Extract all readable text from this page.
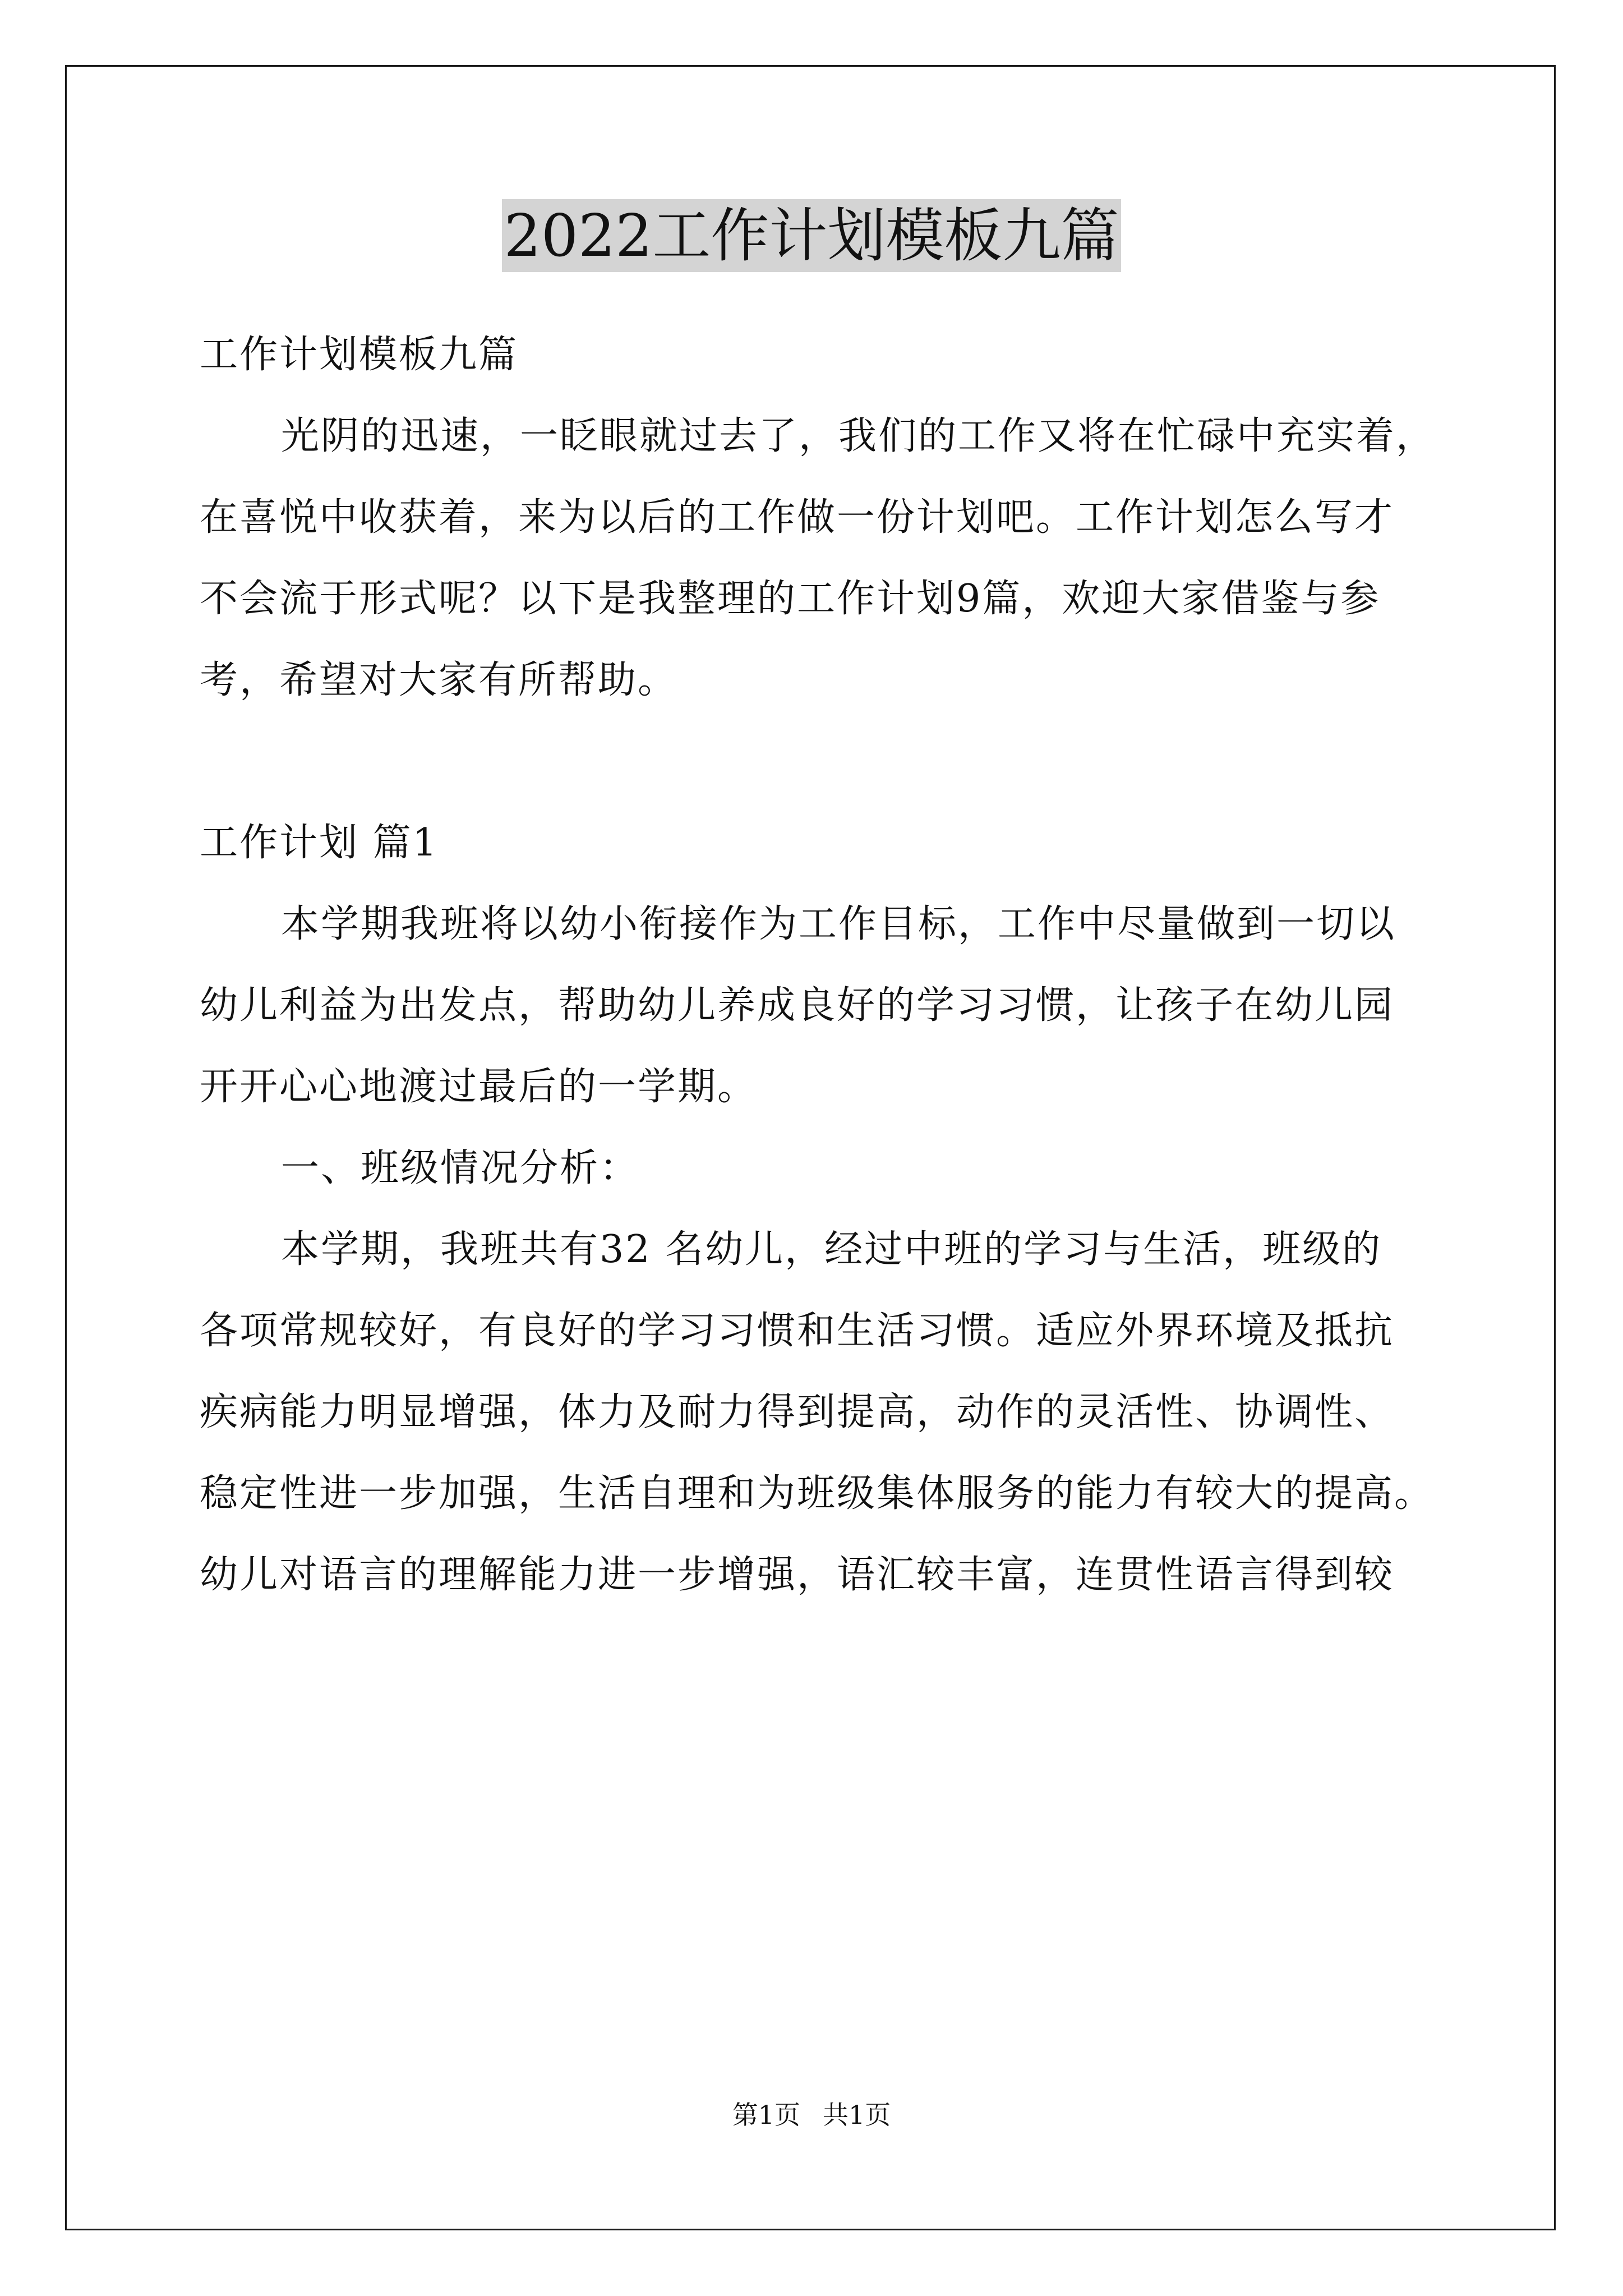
2022工作计划模板九篇
工作计划模板九篇
光阴的迅速，一眨眼就过去了，我们的工作又将在忙碌中充实着，
在喜悦中收获着，来为以后的工作做一份计划吧。工作计划怎么写才
不会流于形式呢？以下是我整理的工作计划9篇，欢迎大家借鉴与参
考，希望对大家有所帮助。
工作计划 篇1
本学期我班将以幼小衔接作为工作目标，工作中尽量做到一切以
幼儿利益为出发点，帮助幼儿养成良好的学习习惯，让孩子在幼儿园
开开心心地渡过最后的一学期。
一、班级情况分析：
本学期，我班共有32 名幼儿，经过中班的学习与生活，班级的
各项常规较好，有良好的学习习惯和生活习惯。适应外界环境及抵抗
疾病能力明显增强，体力及耐力得到提高，动作的灵活性、协调性、
稳定性进一步加强，生活自理和为班级集体服务的能力有较大的提高。
幼儿对语言的理解能力进一步增强，语汇较丰富，连贯性语言得到较
第1页 共1页
